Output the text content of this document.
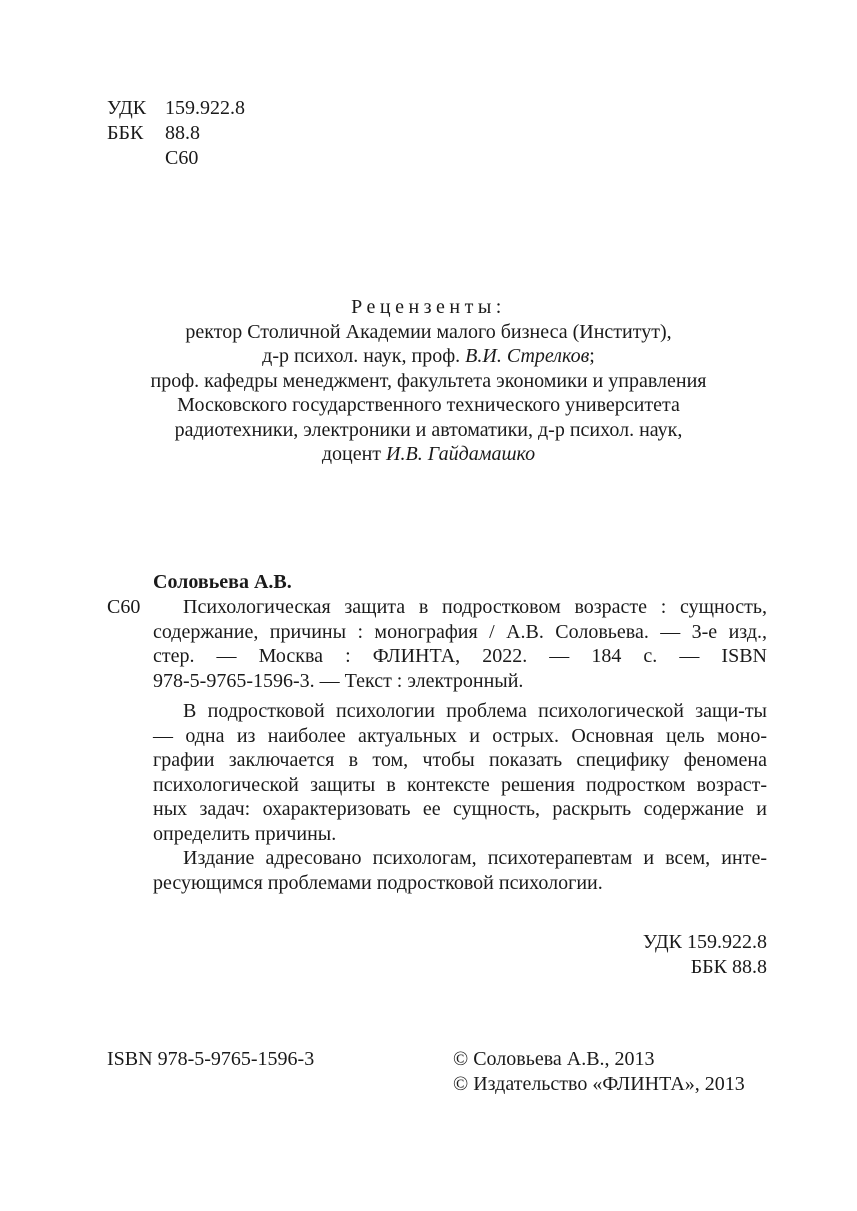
УДК 159.922.8
ББК	88.8
С60
Рецензенты:
ректор Столичной Академии малого бизнеса (Институт),
д-р психол. наук, проф. В.И. Стрелков;
проф. кафедры менеджмент, факультета экономики и управления
Московского государственного технического университета
радиотехники, электроники и автоматики, д-р психол. наук,
доцент И.В. Гайдамашко
Соловьева А.В.
С60	Психологическая защита в подростковом возрасте : сущность,
содержание, причины : монография / А.В. Соловьева. — 3-е изд.,
стер. — Москва : ФЛИНТА, 2022. — 184 с. — ISBN
978-5-9765-1596-3. — Текст : электронный.
В подростковой психологии проблема психологической защи-ты
— одна из наиболее актуальных и острых. Основная цель моно-
графии заключается в том, чтобы показать специфику феномена
психологической защиты в контексте решения подростком возраст-
ных задач: охарактеризовать ее сущность, раскрыть содержание и
определить причины.
Издание адресовано психологам, психотерапевтам и всем, инте-
ресующимся проблемами подростковой психологии.
УДК 159.922.8
ББК 88.8
ISBN 978-5-9765-1596-3	© Соловьева А.В., 2013
© Издательство «ФЛИНТА», 2013
